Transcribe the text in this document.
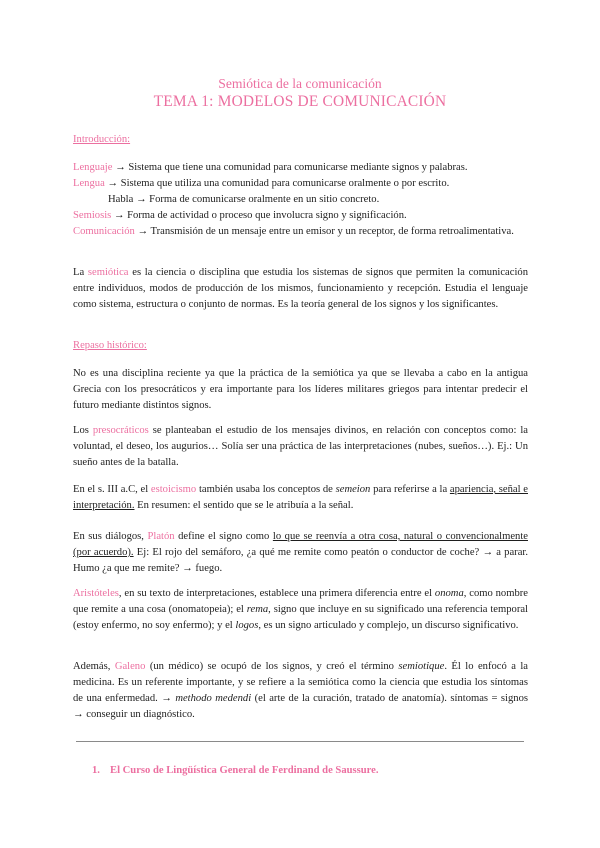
Semiótica de la comunicación
TEMA 1: MODELOS DE COMUNICACIÓN

Introducción:

Lenguaje → Sistema que tiene una comunidad para comunicarse mediante signos y palabras.

Lengua → Sistema que utiliza una comunidad para comunicarse oralmente o por escrito.

Habla → Forma de comunicarse oralmente en un sitio concreto.

Semiosis → Forma de actividad o proceso que involucra signo y significación.

Comunicación → Transmisión de un mensaje entre un emisor y un receptor, de forma retroalimentativa.

La semiótica es la ciencia o disciplina que estudia los sistemas de signos que permiten la comunicación entre individuos, modos de producción de los mismos, funcionamiento y recepción. Estudia el lenguaje como sistema, estructura o conjunto de normas. Es la teoría general de los signos y los significantes.

Repaso histórico:

No es una disciplina reciente ya que la práctica de la semiótica ya que se llevaba a cabo en la antigua Grecia con los presocráticos y era importante para los líderes militares griegos para intentar predecir el futuro mediante distintos signos.

Los presocráticos se planteaban el estudio de los mensajes divinos, en relación con conceptos como: la voluntad, el deseo, los augurios… Solía ser una práctica de las interpretaciones (nubes, sueños…). Ej.: Un sueño antes de la batalla.

En el s. III a.C, el estoicismo también usaba los conceptos de semeion para referirse a la apariencia, señal e interpretación. En resumen: el sentido que se le atribuía a la señal.

En sus diálogos, Platón define el signo como lo que se reenvía a otra cosa, natural o convencionalmente (por acuerdo). Ej: El rojo del semáforo, ¿a qué me remite como peatón o conductor de coche? → a parar. Humo ¿a que me remite? → fuego.

Aristóteles, en su texto de interpretaciones, establece una primera diferencia entre el onoma, como nombre que remite a una cosa (onomatopeia); el rema, signo que incluye en su significado una referencia temporal (estoy enfermo, no soy enfermo); y el logos, es un signo articulado y complejo, un discurso significativo.

Además, Galeno (un médico) se ocupó de los signos, y creó el término semiotique. Él lo enfocó a la medicina. Es un referente importante, y se refiere a la semiótica como la ciencia que estudia los síntomas de una enfermedad. → methodo medendi (el arte de la curación, tratado de anatomía). síntomas = signos → conseguir un diagnóstico.

1. El Curso de Lingüística General de Ferdinand de Saussure.
